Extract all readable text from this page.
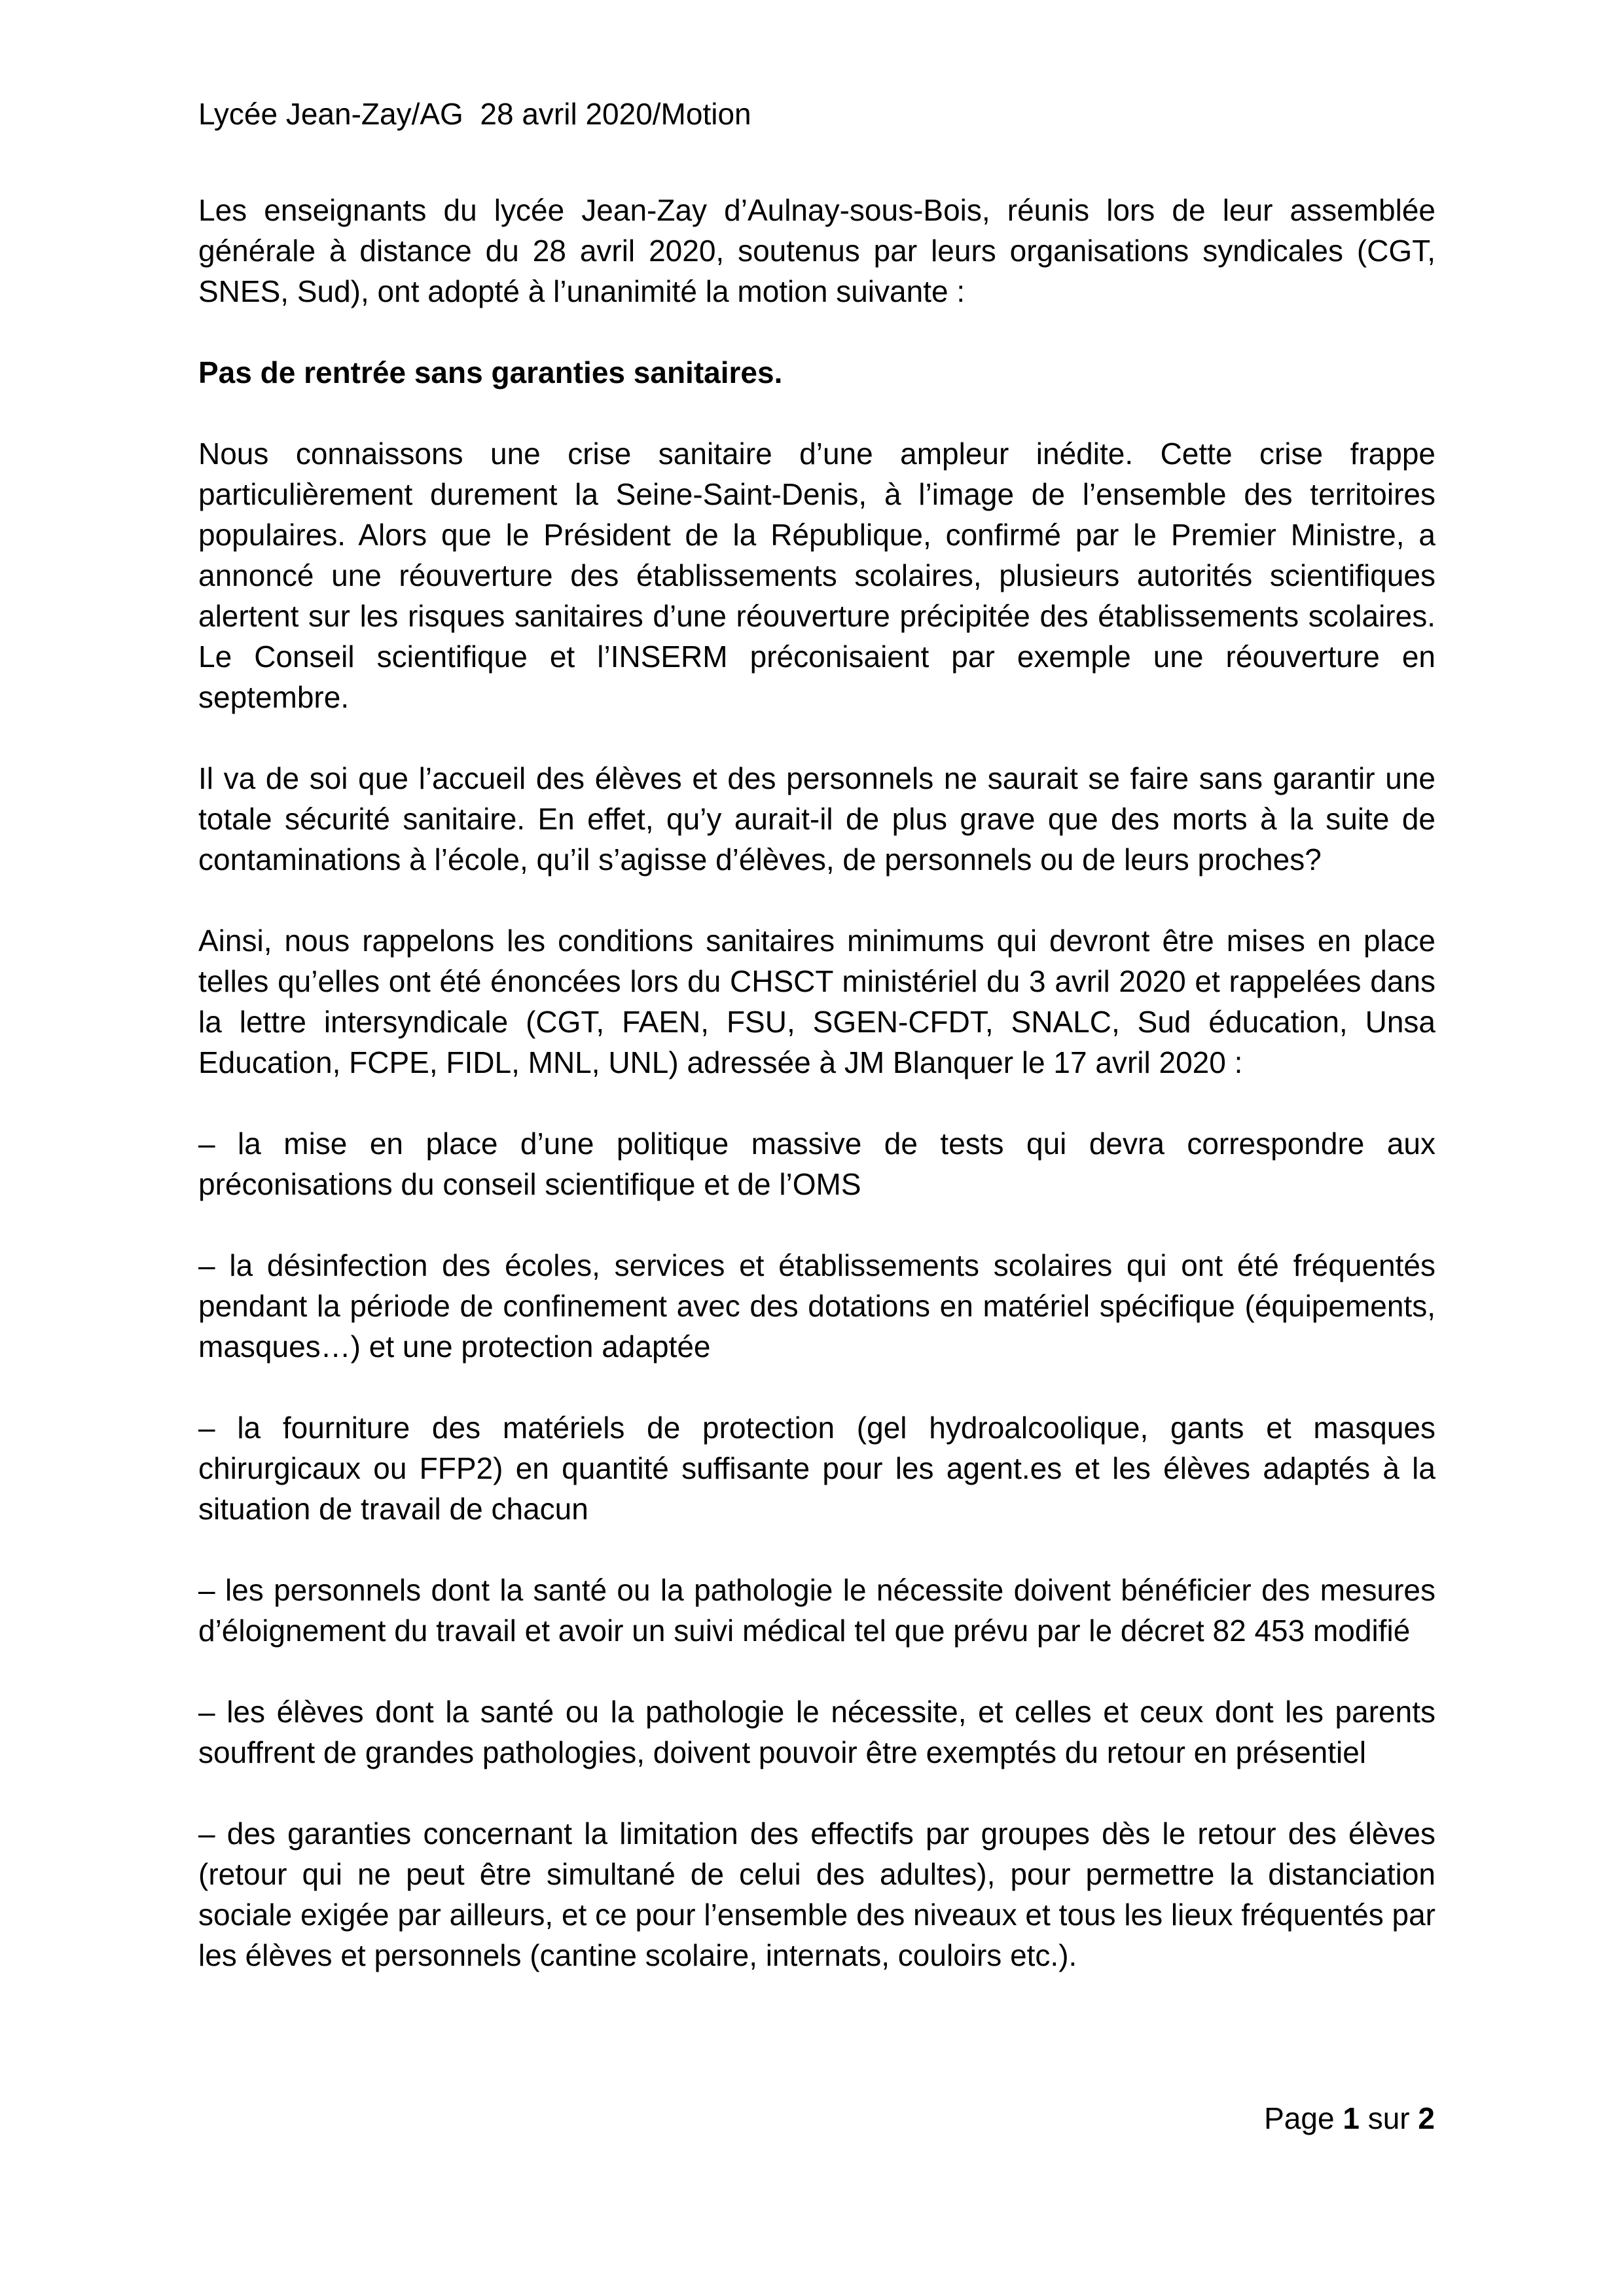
Lycée Jean-Zay/AG  28 avril 2020/Motion

Les enseignants du lycée Jean-Zay d’Aulnay-sous-Bois, réunis lors de leur assemblée générale à distance du 28 avril 2020, soutenus par leurs organisations syndicales (CGT, SNES, Sud), ont adopté à l’unanimité la motion suivante :

Pas de rentrée sans garanties sanitaires.

Nous connaissons une crise sanitaire d’une ampleur inédite. Cette crise frappe particulièrement durement la Seine-Saint-Denis, à l’image de l’ensemble des territoires populaires. Alors que le Président de la République, confirmé par le Premier Ministre, a annoncé une réouverture des établissements scolaires, plusieurs autorités scientifiques alertent sur les risques sanitaires d’une réouverture précipitée des établissements scolaires. Le Conseil scientifique et l’INSERM préconisaient par exemple une réouverture en septembre.

Il va de soi que l’accueil des élèves et des personnels ne saurait se faire sans garantir une totale sécurité sanitaire. En effet, qu’y aurait-il de plus grave que des morts à la suite de contaminations à l’école, qu’il s’agisse d’élèves, de personnels ou de leurs proches?

Ainsi, nous rappelons les conditions sanitaires minimums qui devront être mises en place telles qu’elles ont été énoncées lors du CHSCT ministériel du 3 avril 2020 et rappelées dans la lettre intersyndicale (CGT, FAEN, FSU, SGEN-CFDT, SNALC, Sud éducation, Unsa Education, FCPE, FIDL, MNL, UNL) adressée à JM Blanquer le 17 avril 2020 :

– la mise en place d’une politique massive de tests qui devra correspondre aux préconisations du conseil scientifique et de l’OMS

– la désinfection des écoles, services et établissements scolaires qui ont été fréquentés pendant la période de confinement avec des dotations en matériel spécifique (équipements, masques…) et une protection adaptée

– la fourniture des matériels de protection (gel hydroalcoolique, gants et masques chirurgicaux ou FFP2) en quantité suffisante pour les agent.es et les élèves adaptés à la situation de travail de chacun

– les personnels dont la santé ou la pathologie le nécessite doivent bénéficier des mesures d’éloignement du travail et avoir un suivi médical tel que prévu par le décret 82 453 modifié

– les élèves dont la santé ou la pathologie le nécessite, et celles et ceux dont les parents souffrent de grandes pathologies, doivent pouvoir être exemptés du retour en présentiel

– des garanties concernant la limitation des effectifs par groupes dès le retour des élèves (retour qui ne peut être simultané de celui des adultes), pour permettre la distanciation sociale exigée par ailleurs, et ce pour l’ensemble des niveaux et tous les lieux fréquentés par les élèves et personnels (cantine scolaire, internats, couloirs etc.).

Page 1 sur 2
